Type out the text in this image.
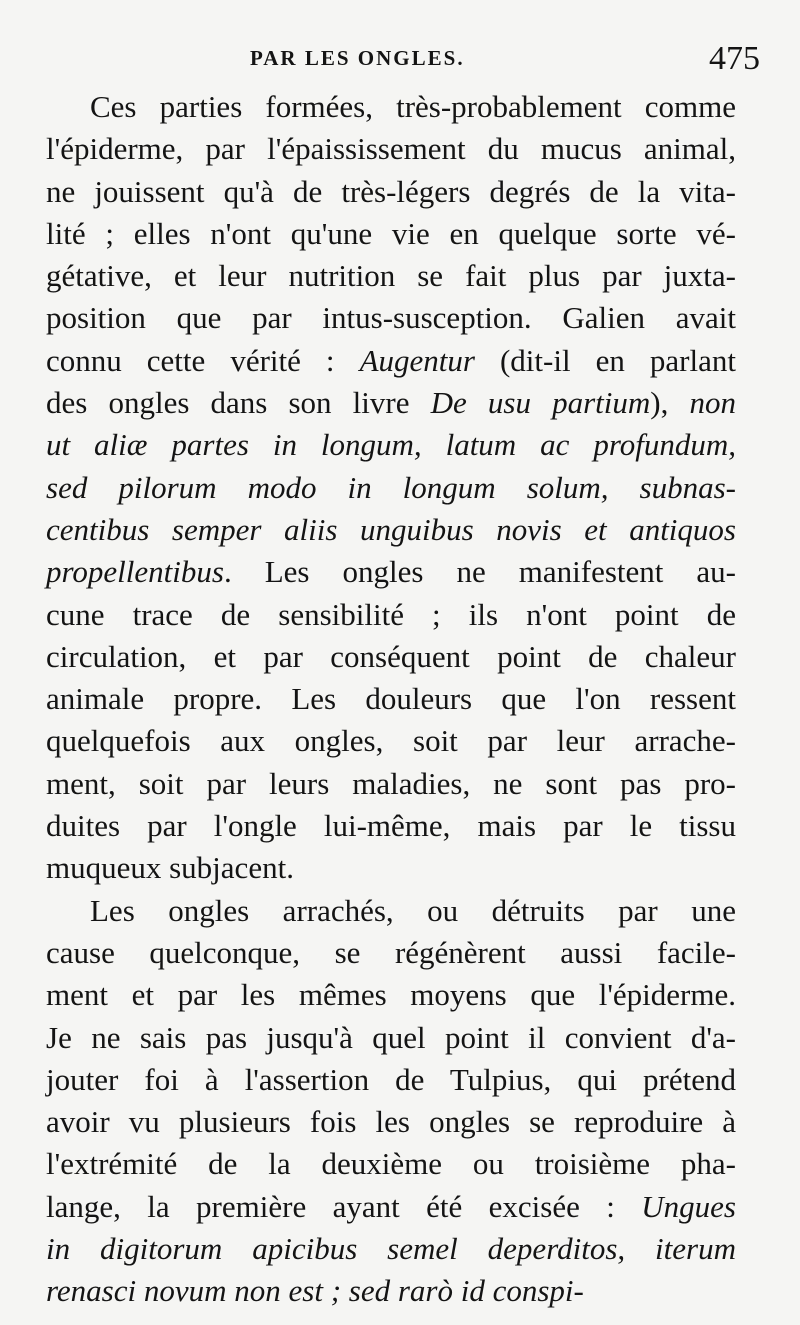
PAR LES ONGLES.	475
Ces parties formées, très-probablement comme
l'épiderme, par l'épaississement du mucus animal,
ne jouissent qu'à de très-légers degrés de la vita-
lité ; elles n'ont qu'une vie en quelque sorte vé-
gétative, et leur nutrition se fait plus par juxta-
position que par intus-susception. Galien avait
connu cette vérité : Augentur (dit-il en parlant
des ongles dans son livre De usu partium), non
ut aliæ partes in longum, latum ac profundum,
sed pilorum modo in longum solum, subnas-
centibus semper aliis unguibus novis et antiquos
propellentibus. Les ongles ne manifestent au-
cune trace de sensibilité ; ils n'ont point de
circulation, et par conséquent point de chaleur
animale propre. Les douleurs que l'on ressent
quelquefois aux ongles, soit par leur arrache-
ment, soit par leurs maladies, ne sont pas pro-
duites par l'ongle lui-même, mais par le tissu
muqueux subjacent.
Les ongles arrachés, ou détruits par une
cause quelconque, se régénèrent aussi facile-
ment et par les mêmes moyens que l'épiderme.
Je ne sais pas jusqu'à quel point il convient d'a-
jouter foi à l'assertion de Tulpius, qui prétend
avoir vu plusieurs fois les ongles se reproduire à
l'extrémité de la deuxième ou troisième pha-
lange, la première ayant été excisée : Ungues
in digitorum apicibus semel deperditos, iterum
renasci novum non est ; sed rarò id conspi-
